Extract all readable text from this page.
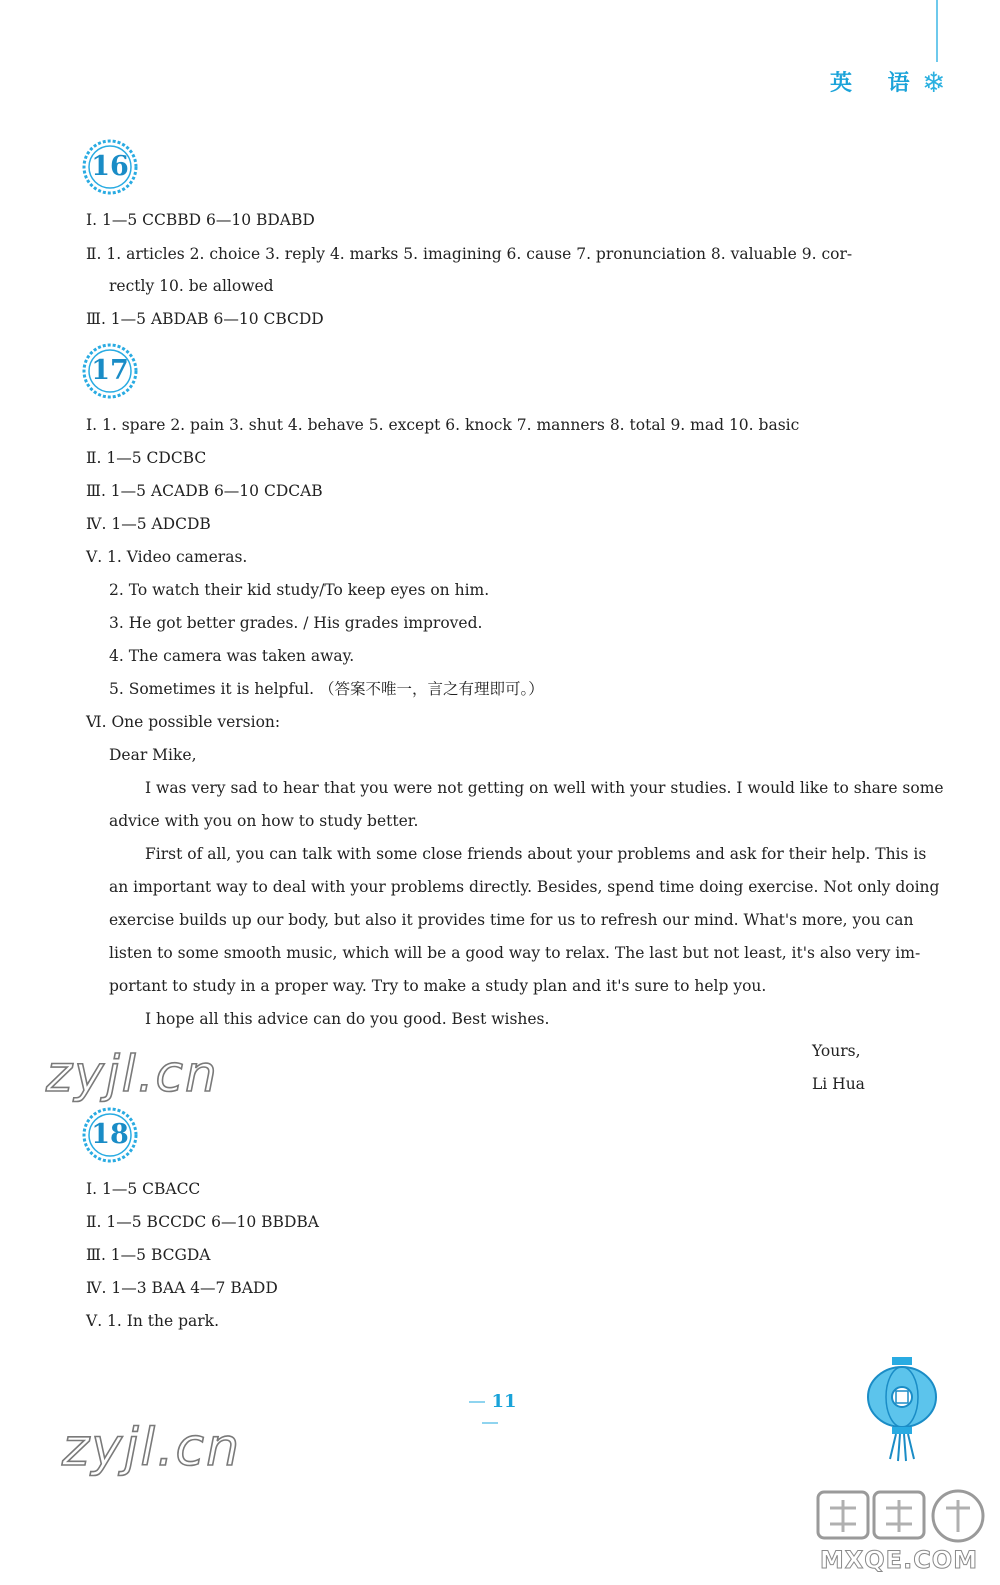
英 语
❄
16
Ⅰ. 1—5 CCBBD 6—10 BDABD
Ⅱ. 1. articles 2. choice 3. reply 4. marks 5. imagining 6. cause 7. pronunciation 8. valuable 9. cor-
rectly 10. be allowed
Ⅲ. 1—5 ABDAB 6—10 CBCDD
17
Ⅰ. 1. spare 2. pain 3. shut 4. behave 5. except 6. knock 7. manners 8. total 9. mad 10. basic
Ⅱ. 1—5 CDCBC
Ⅲ. 1—5 ACADB 6—10 CDCAB
Ⅳ. 1—5 ADCDB
Ⅴ. 1. Video cameras.
2. To watch their kid study/To keep eyes on him.
3. He got better grades. / His grades improved.
4. The camera was taken away.
5. Sometimes it is helpful. （答案不唯一，言之有理即可。）
Ⅵ. One possible version:
Dear Mike,
I was very sad to hear that you were not getting on well with your studies. I would like to share some
advice with you on how to study better.
First of all, you can talk with some close friends about your problems and ask for their help. This is
an important way to deal with your problems directly. Besides, spend time doing exercise. Not only doing
exercise builds up our body, but also it provides time for us to refresh our mind. What's more, you can
listen to some smooth music, which will be a good way to relax. The last but not least, it's also very im-
portant to study in a proper way. Try to make a study plan and it's sure to help you.
I hope all this advice can do you good. Best wishes.
Yours,
Li Hua
zyjl.cn
18
Ⅰ. 1—5 CBACC
Ⅱ. 1—5 BCCDC 6—10 BBDBA
Ⅲ. 1—5 BCGDA
Ⅳ. 1—3 BAA 4—7 BADD
Ⅴ. 1. In the park.
11
zyjl.cn
MXQE.COM
